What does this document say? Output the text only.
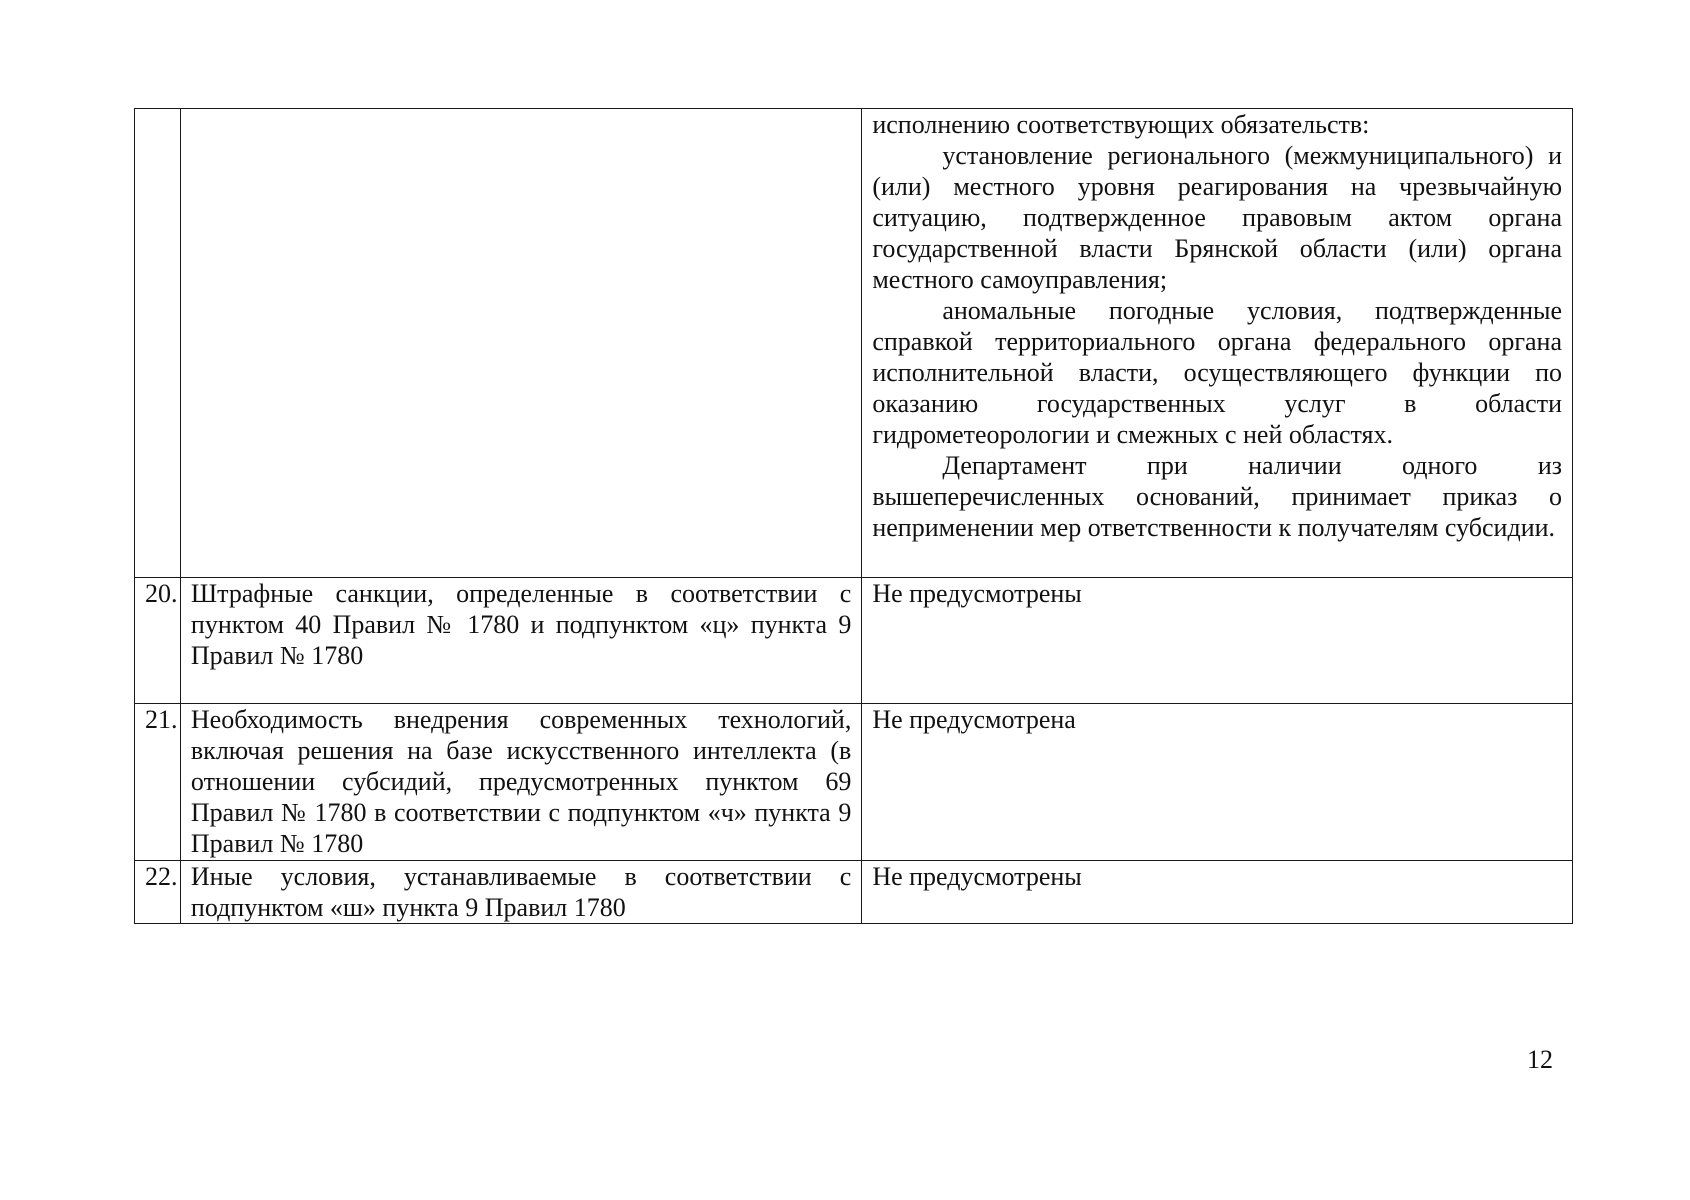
		исполнению соответствующих обязательств:

установление регионального (межмуниципального) и (или) местного уровня реагирования на чрезвычайную ситуацию, подтвержденное правовым актом органа государственной власти Брянской области (или) органа местного самоуправления;

аномальные погодные условия, подтвержденные справкой территориального органа федерального органа исполнительной власти, осуществляющего функции по оказанию государственных услуг в области гидрометеорологии и смежных с ней областях.

Департамент при наличии одного из вышеперечисленных оснований, принимает приказ о неприменении мер ответственности к получателям субсидии.

20.	Штрафные санкции, определенные в соответствии с пунктом 40 Правил № 1780 и подпунктом «ц» пункта 9 Правил № 1780	Не предусмотрены

21.	Необходимость внедрения современных технологий, включая решения на базе искусственного интеллекта (в отношении субсидий, предусмотренных пунктом 69 Правил № 1780 в соответствии с подпунктом «ч» пункта 9 Правил № 1780	Не предусмотрена

22.	Иные условия, устанавливаемые в соответствии с подпунктом «ш» пункта 9 Правил 1780	Не предусмотрены

12
